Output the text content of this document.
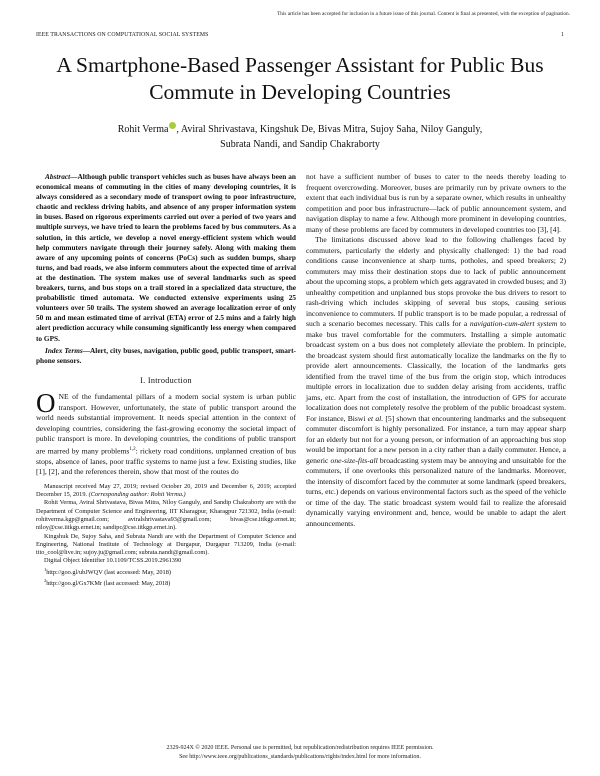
This article has been accepted for inclusion in a future issue of this journal. Content is final as presented, with the exception of pagination.
IEEE TRANSACTIONS ON COMPUTATIONAL SOCIAL SYSTEMS	1
A Smartphone-Based Passenger Assistant for Public Bus Commute in Developing Countries
Rohit Verma , Aviral Shrivastava, Kingshuk De, Bivas Mitra, Sujoy Saha, Niloy Ganguly,
Subrata Nandi, and Sandip Chakraborty

Abstract—Although public transport vehicles such as buses have always been an economical means of commuting in the cities of many developing countries, it is always considered as a secondary mode of transport owing to poor infrastructure, chaotic and reckless driving habits, and absence of any proper information system in buses. Based on rigorous experiments carried out over a period of two years and multiple surveys, we have tried to learn the problems faced by bus commuters. As a solution, in this article, we develop a novel energy-efficient system which would help commuters navigate through their journey safely. Along with making them aware of any upcoming points of concerns (PoCs) such as sudden bumps, sharp turns, and bad roads, we also inform commuters about the expected time of arrival at the destination. The system makes use of several landmarks such as speed breakers, turns, and bus stops on a trail stored in a specialized data structure, the probabilistic timed automata. We conducted extensive experiments using 25 volunteers over 50 trails. The system showed an average localization error of only 50 m and mean estimated time of arrival (ETA) error of 2.5 mins and a fairly high alert prediction accuracy while consuming significantly less energy when compared to GPS.

Index Terms—Alert, city buses, navigation, public good, public transport, smart-phone sensors.

I. Introduction

ONE of the fundamental pillars of a modern social system is urban public transport. However, unfortunately, the state of public transport around the world needs substantial improvement. It needs special attention in the context of developing countries, considering the fast-growing economy the societal impact of public transport is more. In developing countries, the conditions of public transport are marred by many problems$^{1,2}$: rickety road conditions, unplanned creation of bus stops, absence of lanes, poor traffic systems to name just a few. Existing studies, like [1], [2], and the references therein, show that most of the routes do

Manuscript received May 27, 2019; revised October 20, 2019 and December 6, 2019; accepted December 15, 2019. (Corresponding author: Rohit Verma.)

Rohit Verma, Aviral Shrivastava, Bivas Mitra, Niloy Ganguly, and Sandip Chakraborty are with the Department of Computer Science and Engineering, IIT Kharagpur, Kharagpur 721302, India (e-mail: rohitverma.kgp@gmail.com; aviralshrivastava93@gmail.com; bivas@cse.iitkgp.ernet.in; niloy@cse.iitkgp.ernet.in; sandipc@cse.iitkgp.ernet.in).

Kingshuk De, Sujoy Saha, and Subrata Nandi are with the Department of Computer Science and Engineering, National Institute of Technology at Durgapur, Durgapur 713209, India (e-mail: tito_cool@live.in; sujoy.ju@gmail.com; subrata.nandi@gmail.com).

Digital Object Identifier 10.1109/TCSS.2019.2961390

$^1$http://goo.gl/ubJWQV (last accessed: May, 2018)

$^2$http://goo.gl/Gx7KMr (last accessed: May, 2018)

not have a sufficient number of buses to cater to the needs thereby leading to frequent overcrowding. Moreover, buses are primarily run by private owners to the extent that each individual bus is run by a separate owner, which results in unhealthy competition and poor bus infrastructure—lack of public announcement system, and navigation display to name a few. Although more prominent in developing countries, many of these problems are faced by commuters in developed countries too [3], [4].

The limitations discussed above lead to the following challenges faced by commuters, particularly the elderly and physically challenged: 1) the bad road conditions cause inconvenience at sharp turns, potholes, and speed breakers; 2) commuters may miss their destination stops due to lack of public announcement about the upcoming stops, a problem which gets aggravated in crowded buses; and 3) unhealthy competition and unplanned bus stops provoke the bus drivers to resort to rash-driving which includes skipping of several bus stops, causing serious inconvenience to commuters. If public transport is to be made popular, a redressal of such a scenario becomes necessary. This calls for a navigation-cum-alert system to make bus travel comfortable for the commuters. Installing a simple automatic broadcast system on a bus does not completely alleviate the problem. In principle, the broadcast system should first automatically localize the landmarks on the fly to provide alert announcements. Classically, the location of the landmarks gets identified from the travel time of the bus from the origin stop, which introduces multiple errors in localization due to sudden delay arising from accidents, traffic jams, etc. Apart from the cost of installation, the introduction of GPS for accurate localization does not completely resolve the problem of the public broadcast system. For instance, Biswi et al. [5] shown that encountering landmarks and the subsequent commuter discomfort is highly personalized. For instance, a turn may appear sharp for an elderly but not for a young person, or information of an approaching bus stop would be important for a new person in a city rather than a daily commuter. Hence, a generic one-size-fits-all broadcasting system may be annoying and unsuitable for the commuters, if one overlooks this personalized nature of the landmarks. Moreover, the intensity of discomfort faced by the commuter at some landmark (speed breakers, turns, etc.) depends on various environmental factors such as the speed of the vehicle or time of the day. The static broadcast system would fail to realize the aforesaid dynamically varying environment and, hence, would be unable to adapt the alert announcements.

2329-924X © 2020 IEEE. Personal use is permitted, but republication/redistribution requires IEEE permission.
See http://www.ieee.org/publications_standards/publications/rights/index.html for more information.
